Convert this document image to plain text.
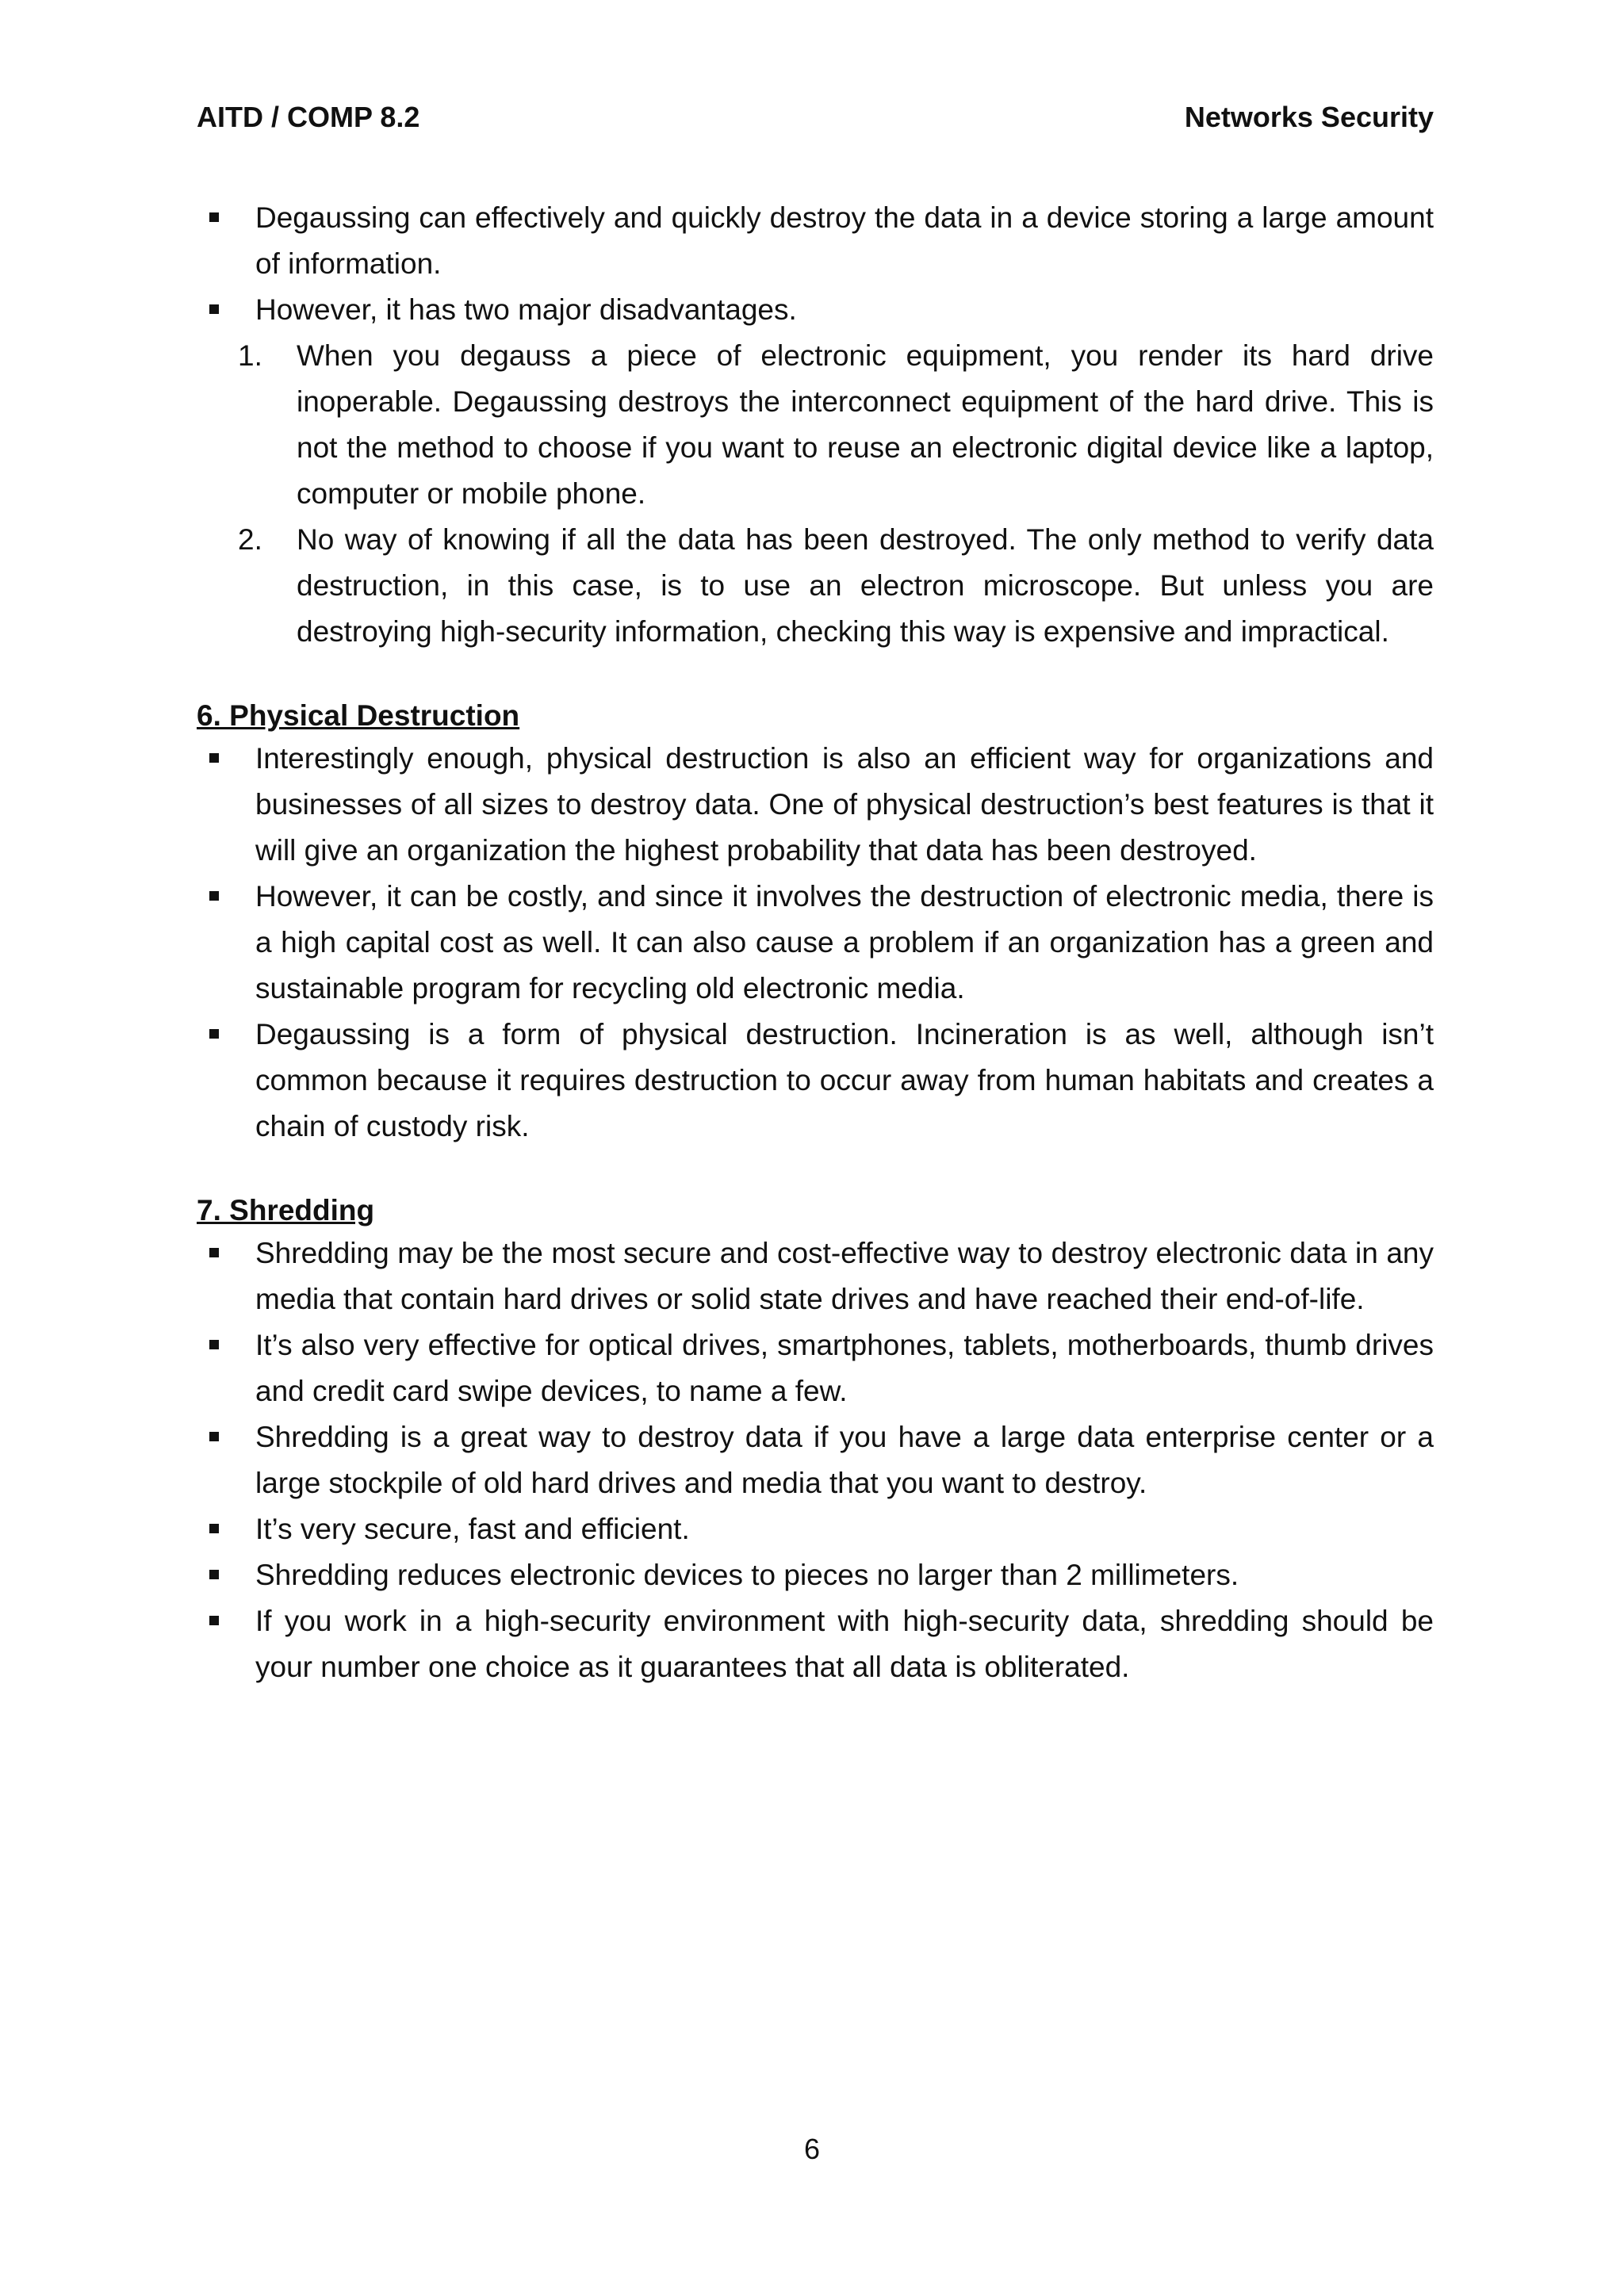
AITD / COMP 8.2	Networks Security
Degaussing can effectively and quickly destroy the data in a device storing a large amount of information.
However, it has two major disadvantages.
1. When you degauss a piece of electronic equipment, you render its hard drive inoperable. Degaussing destroys the interconnect equipment of the hard drive. This is not the method to choose if you want to reuse an electronic digital device like a laptop, computer or mobile phone.
2. No way of knowing if all the data has been destroyed. The only method to verify data destruction, in this case, is to use an electron microscope. But unless you are destroying high-security information, checking this way is expensive and impractical.
6. Physical Destruction
Interestingly enough, physical destruction is also an efficient way for organizations and businesses of all sizes to destroy data. One of physical destruction’s best features is that it will give an organization the highest probability that data has been destroyed.
However, it can be costly, and since it involves the destruction of electronic media, there is a high capital cost as well. It can also cause a problem if an organization has a green and sustainable program for recycling old electronic media.
Degaussing is a form of physical destruction. Incineration is as well, although isn’t common because it requires destruction to occur away from human habitats and creates a chain of custody risk.
7. Shredding
Shredding may be the most secure and cost-effective way to destroy electronic data in any media that contain hard drives or solid state drives and have reached their end-of-life.
It’s also very effective for optical drives, smartphones, tablets, motherboards, thumb drives and credit card swipe devices, to name a few.
Shredding is a great way to destroy data if you have a large data enterprise center or a large stockpile of old hard drives and media that you want to destroy.
It’s very secure, fast and efficient.
Shredding reduces electronic devices to pieces no larger than 2 millimeters.
If you work in a high-security environment with high-security data, shredding should be your number one choice as it guarantees that all data is obliterated.
6
